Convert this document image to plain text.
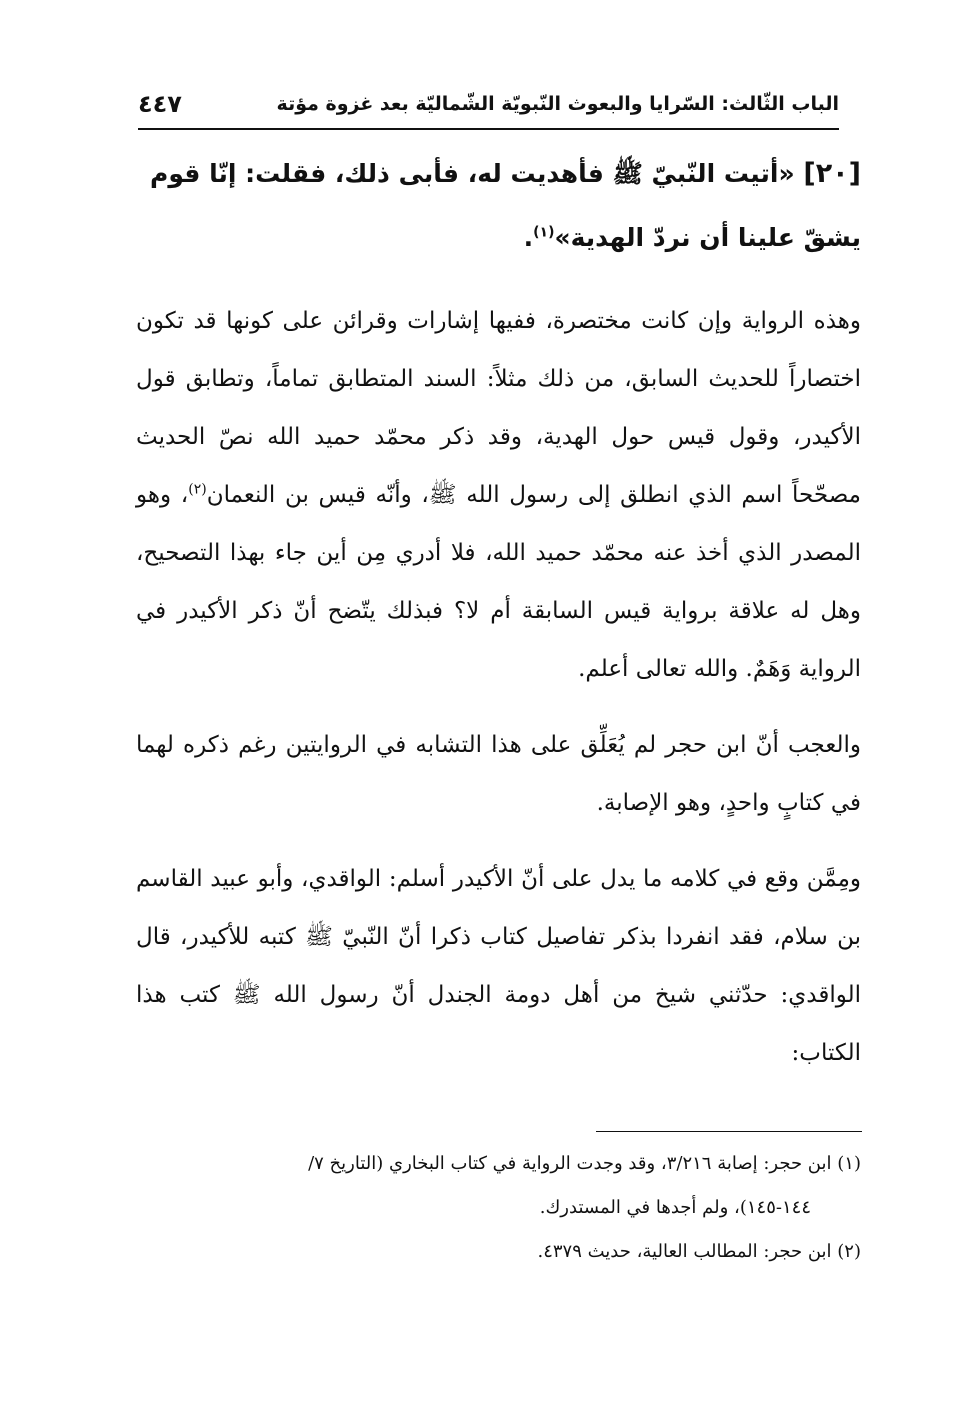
الباب الثّالث: السّرايا والبعوث النّبويّة الشّماليّة بعد غزوة مؤتة
٤٤٧

[٢٠] «أتيت النّبيّ ﷺ فأهديت له، فأبى ذلك، فقلت: إنّا قوم يشقّ علينا أن نردّ الهدية»$^{(١)}$.

وهذه الرواية وإن كانت مختصرة، ففيها إشارات وقرائن على كونها قد تكون اختصاراً للحديث السابق، من ذلك مثلاً: السند المتطابق تماماً، وتطابق قول الأكيدر، وقول قيس حول الهدية، وقد ذكر محمّد حميد الله نصّ الحديث مصحّحاً اسم الذي انطلق إلى رسول الله ﷺ، وأنّه قيس بن النعمان$^{(٢)}$، وهو المصدر الذي أخذ عنه محمّد حميد الله، فلا أدري مِن أين جاء بهذا التصحيح، وهل له علاقة برواية قيس السابقة أم لا؟ فبذلك يتّضح أنّ ذكر الأكيدر في الرواية وَهَمٌ. والله تعالى أعلم.

والعجب أنّ ابن حجر لم يُعَلِّق على هذا التشابه في الروايتين رغم ذكره لهما في كتابٍ واحدٍ، وهو الإصابة.

ومِمَّن وقع في كلامه ما يدل على أنّ الأكيدر أسلم: الواقدي، وأبو عبيد القاسم بن سلام، فقد انفردا بذكر تفاصيل كتاب ذكرا أنّ النّبيّ ﷺ كتبه للأكيدر، قال الواقدي: حدّثني شيخ من أهل دومة الجندل أنّ رسول الله ﷺ كتب هذا الكتاب:

(١) ابن حجر: إصابة ٣/٢١٦، وقد وجدت الرواية في كتاب البخاري (التاريخ ٧/
١٤٤-١٤٥)، ولم أجدها في المستدرك.

(٢) ابن حجر: المطالب العالية، حديث ٤٣٧٩.
